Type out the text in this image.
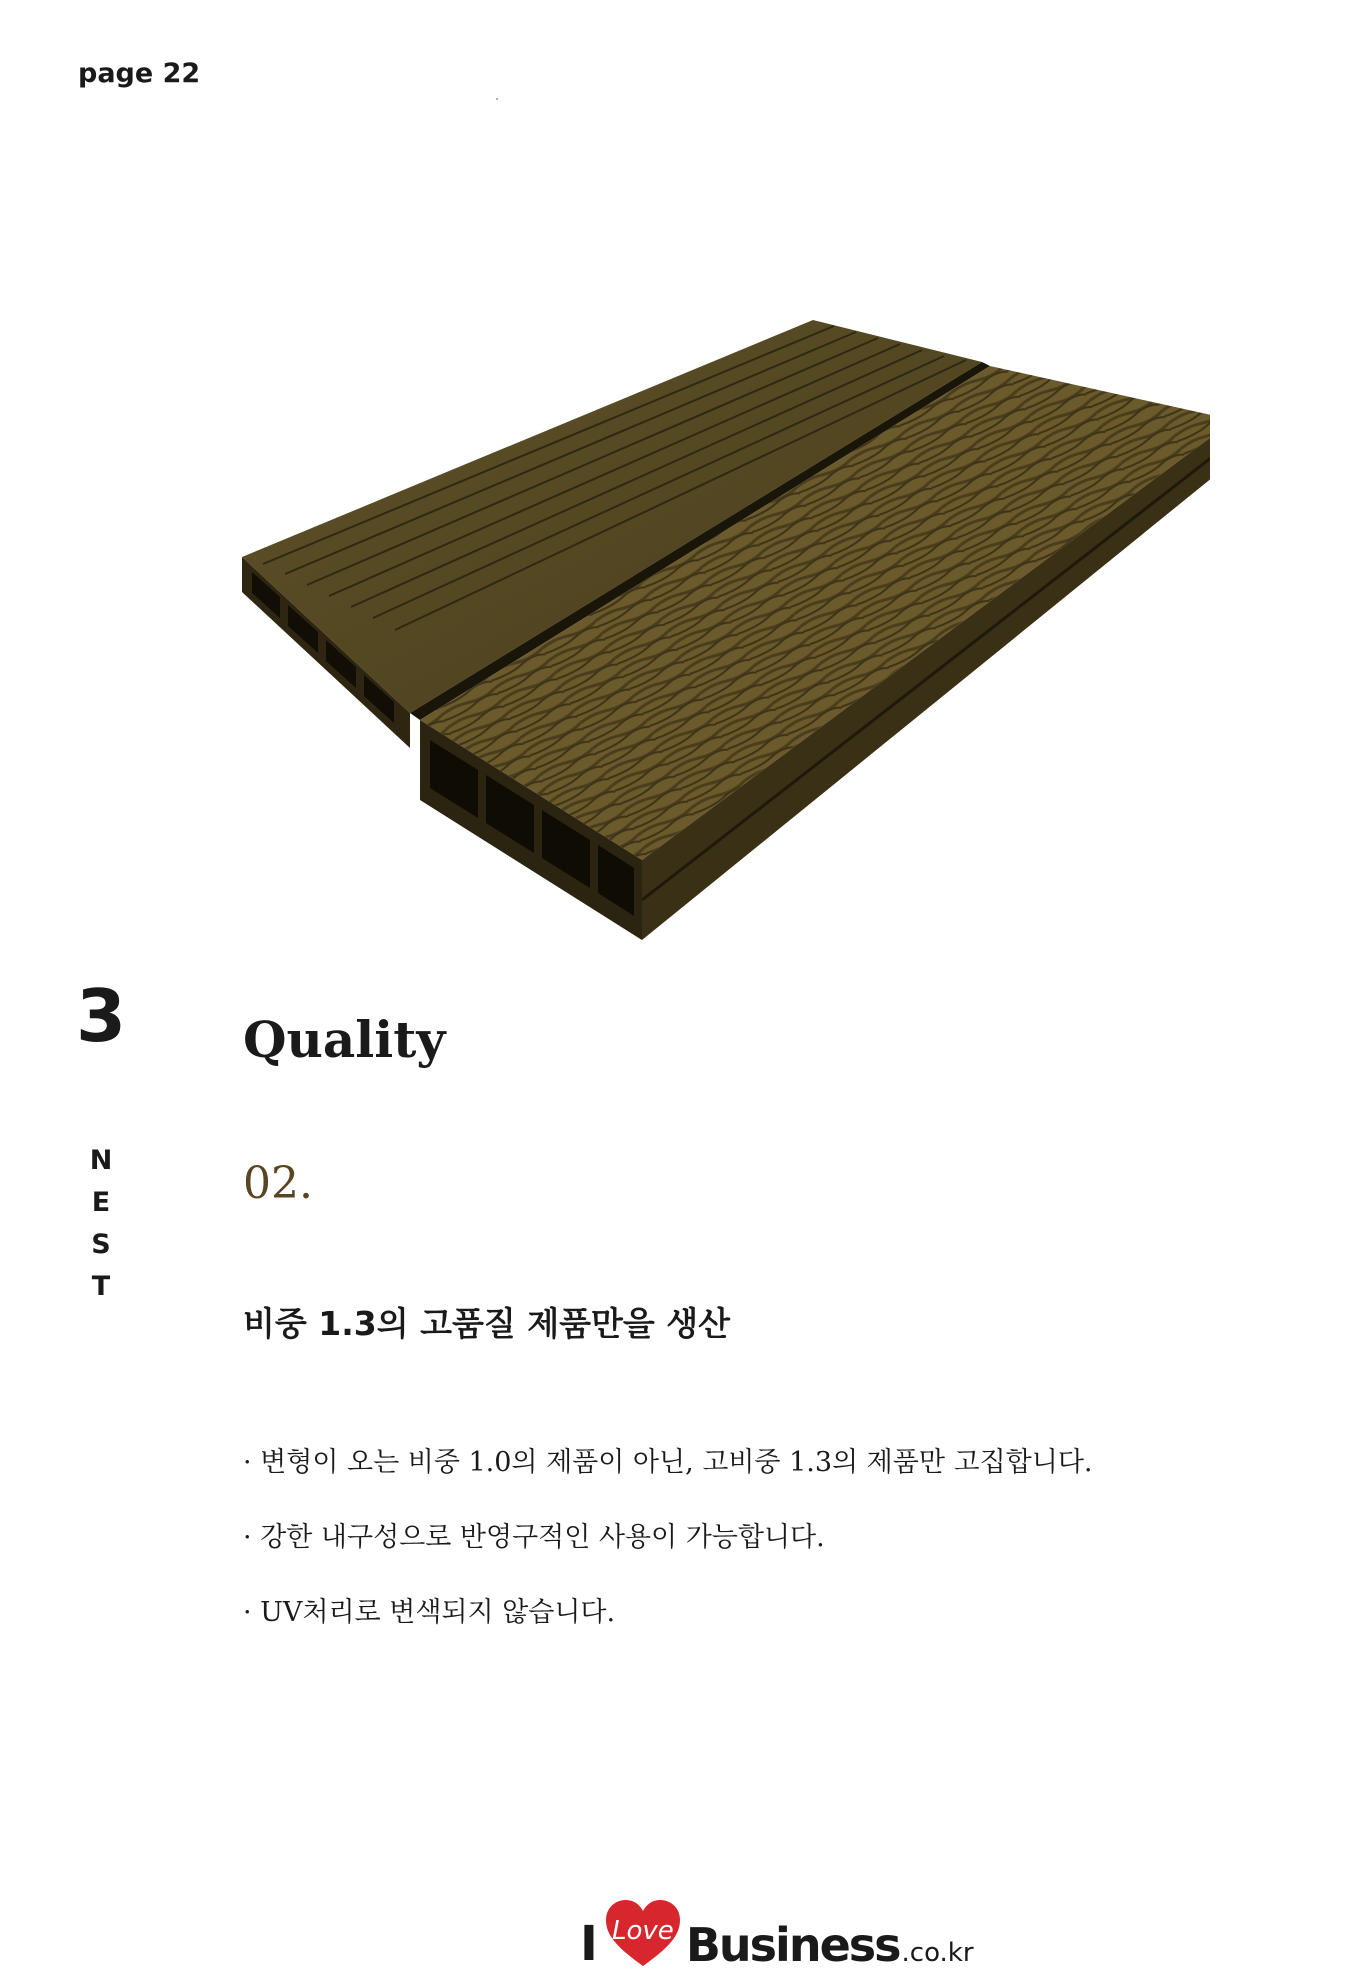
page 22
3
N
E
S
T
Quality
02.
비중 1.3의 고품질 제품만을 생산
· 변형이 오는 비중 1.0의 제품이 아닌, 고비중 1.3의 제품만 고집합니다.
· 강한 내구성으로 반영구적인 사용이 가능합니다.
· UV처리로 변색되지 않습니다.
I Love Business .co.kr
